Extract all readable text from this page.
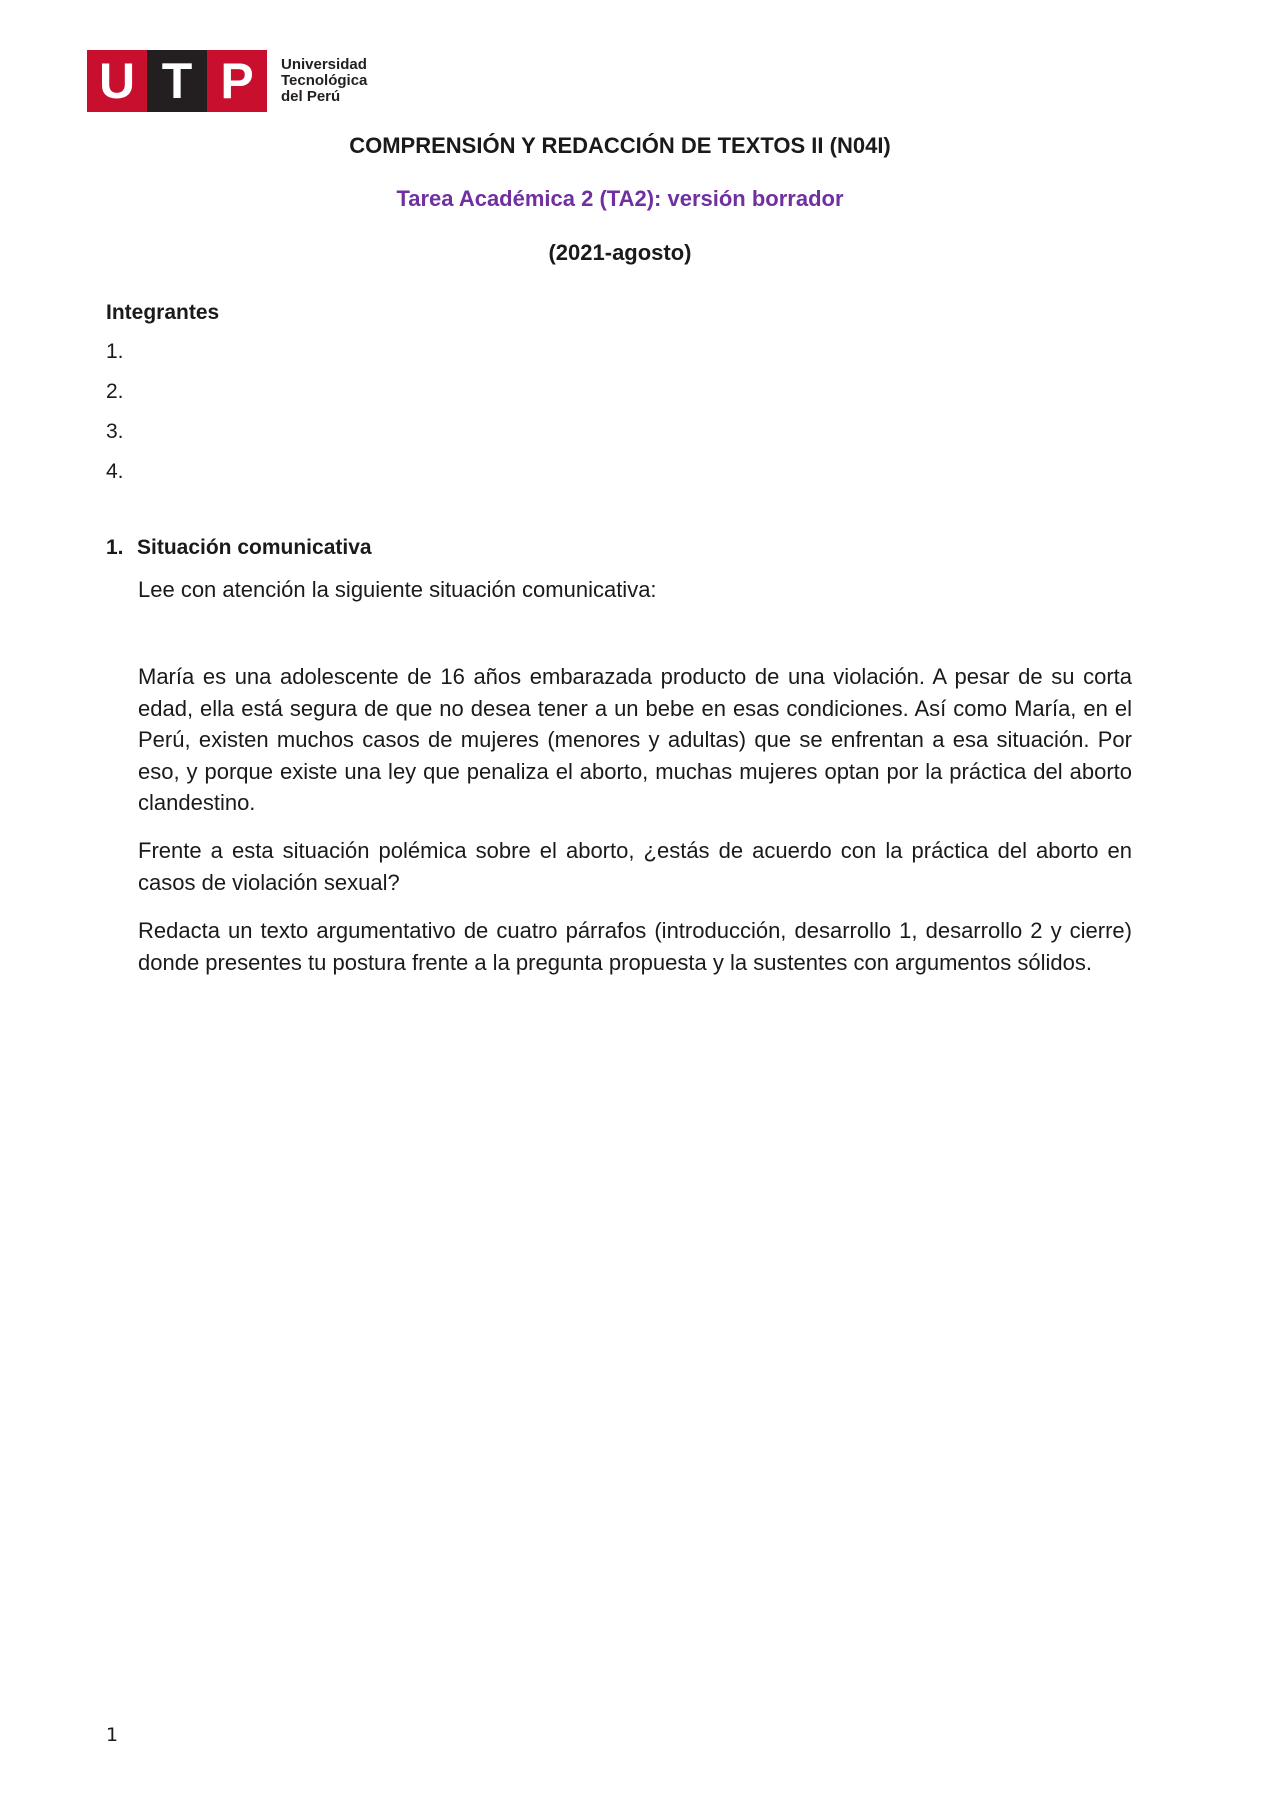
U T P	Universidad
Tecnológica
del Perú
COMPRENSIÓN Y REDACCIÓN DE TEXTOS II (N04I)
Tarea Académica 2 (TA2): versión borrador
(2021-agosto)
Integrantes
1.
2.
3.
4.
1. Situación comunicativa

Lee con atención la siguiente situación comunicativa:

María es una adolescente de 16 años embarazada producto de una violación. A pesar de su corta edad, ella está segura de que no desea tener a un bebe en esas condiciones. Así como María, en el Perú, existen muchos casos de mujeres (menores y adultas) que se enfrentan a esa situación. Por eso, y porque existe una ley que penaliza el aborto, muchas mujeres optan por la práctica del aborto clandestino.

Frente a esta situación polémica sobre el aborto, ¿estás de acuerdo con la práctica del aborto en casos de violación sexual?

Redacta un texto argumentativo de cuatro párrafos (introducción, desarrollo 1, desarrollo 2 y cierre) donde presentes tu postura frente a la pregunta propuesta y la sustentes con argumentos sólidos.

1
